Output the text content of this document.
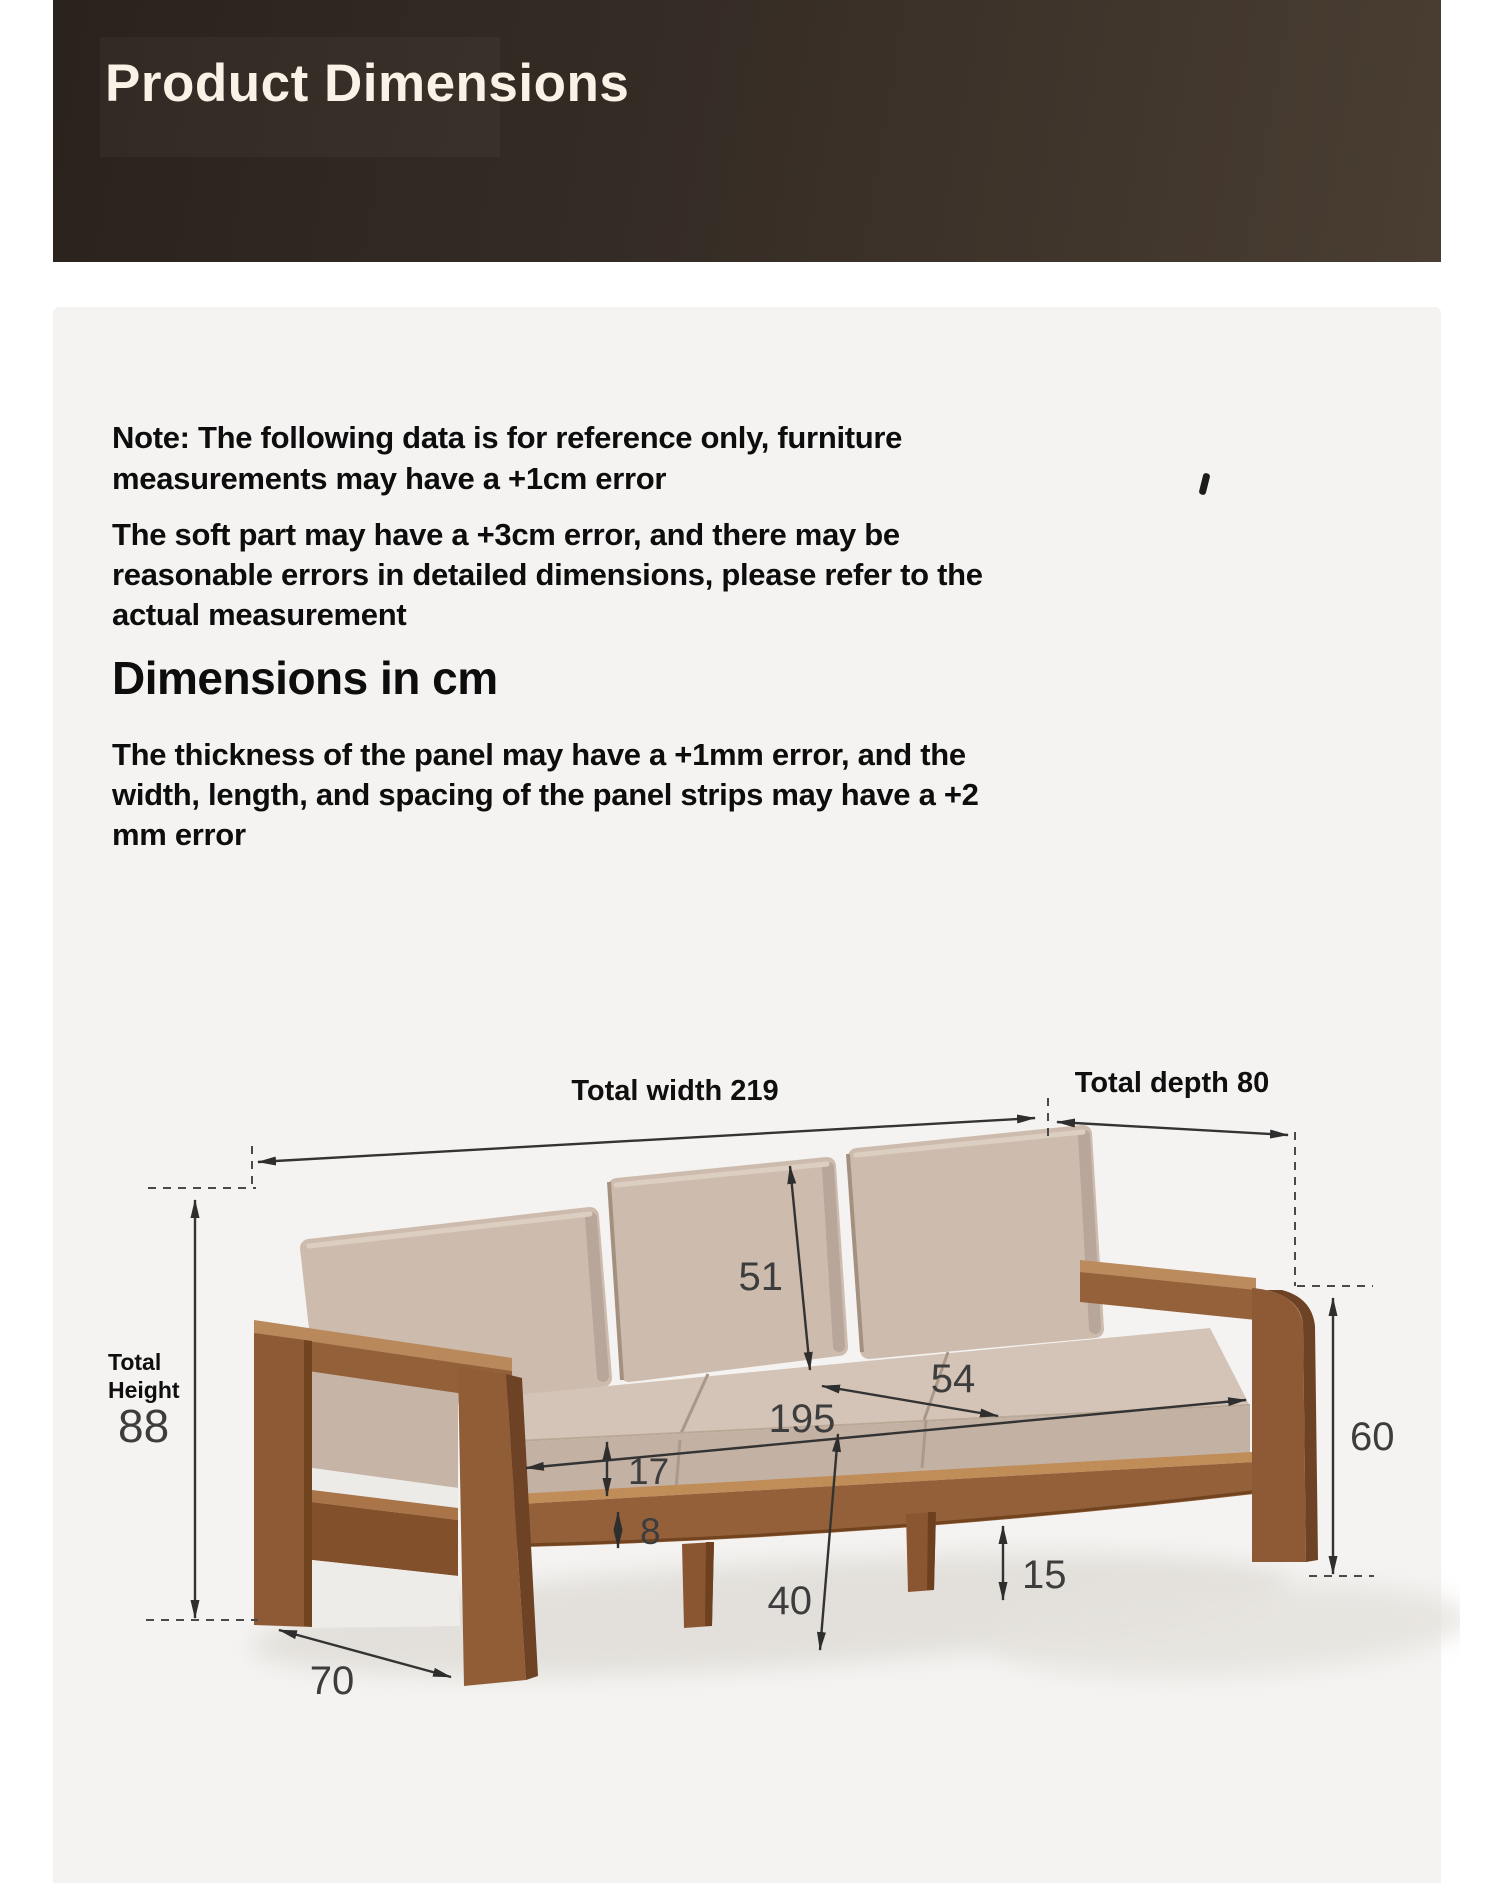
Product Dimensions
Note: The following data is for reference only, furniture
measurements may have a +1cm error
The soft part may have a +3cm error, and there may be
reasonable errors in detailed dimensions, please refer to the
actual measurement
Dimensions in cm
The thickness of the panel may have a +1mm error, and the
width, length, and spacing of the panel strips may have a +2
mm error
Total width 219	Total depth 80
Total
Height
88
70
51
54
195
17
8
40
15
60
